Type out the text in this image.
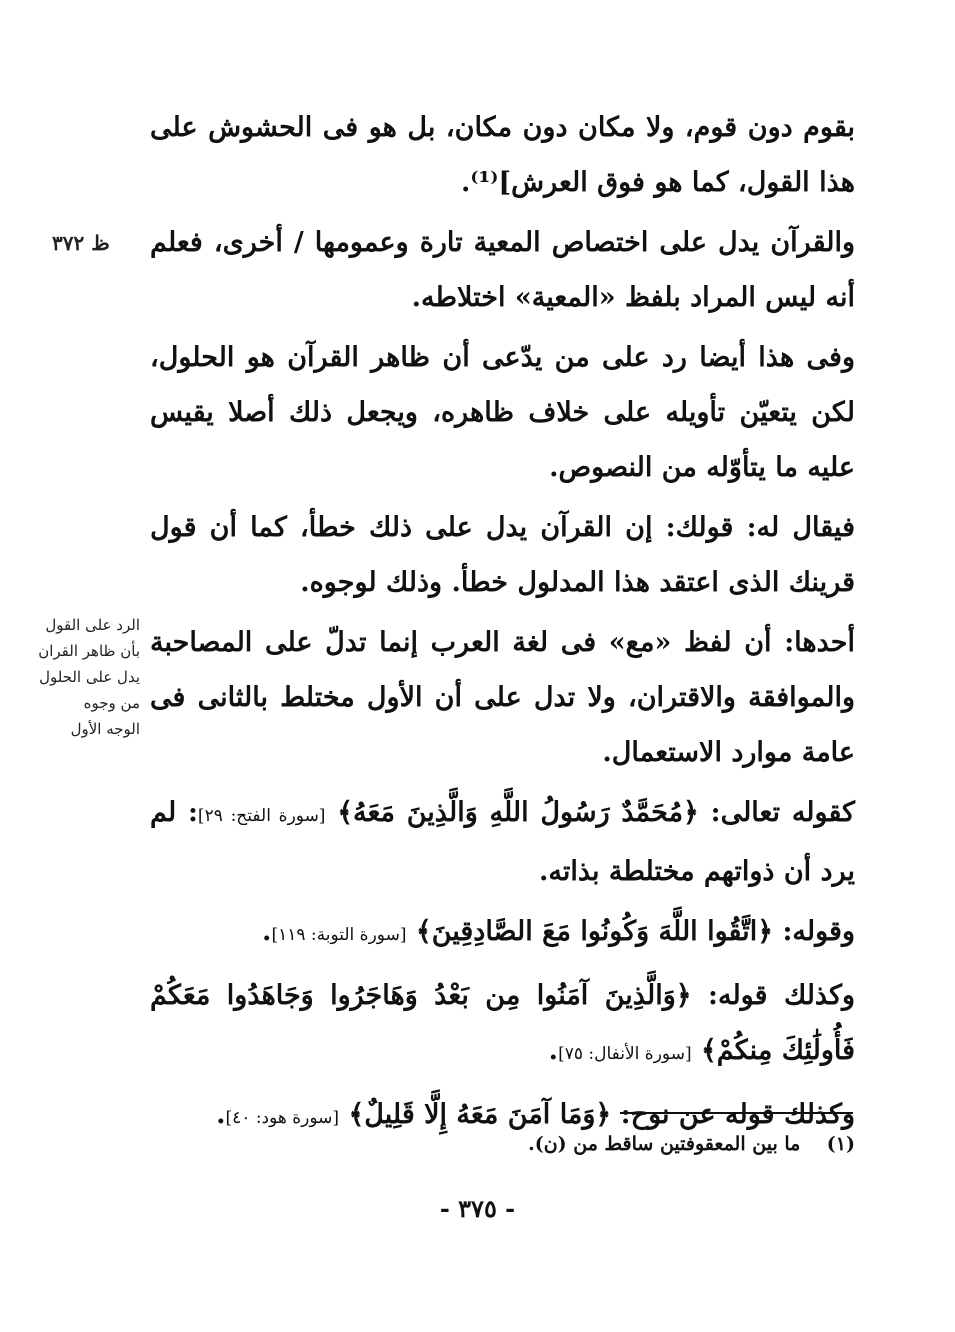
بقوم دون قوم، ولا مكان دون مكان، بل هو فى الحشوش على هذا القول، كما هو فوق العرش]⁽¹⁾.

والقرآن يدل على اختصاص المعية تارة وعمومها / أخرى، فعلم أنه ليس المراد بلفظ «المعية» اختلاطه.

وفى هذا أيضا رد على من يدّعى أن ظاهر القرآن هو الحلول، لكن يتعيّن تأويله على خلاف ظاهره، ويجعل ذلك أصلا يقيس عليه ما يتأوّله من النصوص.

فيقال له: قولك: إن القرآن يدل على ذلك خطأ، كما أن قول قرينك الذى اعتقد هذا المدلول خطأ. وذلك لوجوه.

أحدها: أن لفظ «مع» فى لغة العرب إنما تدلّ على المصاحبة والموافقة والاقتران، ولا تدل على أن الأول مختلط بالثانى فى عامة موارد الاستعمال.

كقوله تعالى: ﴿مُحَمَّدٌ رَسُولُ اللَّهِ وَالَّذِينَ مَعَهُ﴾ [سورة الفتح: ٢٩]: لم يرد أن ذواتهم مختلطة بذاته.

وقوله: ﴿اتَّقُوا اللَّهَ وَكُونُوا مَعَ الصَّادِقِينَ﴾ [سورة التوبة: ١١٩].

وكذلك قوله: ﴿وَالَّذِينَ آمَنُوا مِن بَعْدُ وَهَاجَرُوا وَجَاهَدُوا مَعَكُمْ فَأُولَٰئِكَ مِنكُمْ﴾ [سورة الأنفال: ٧٥].

وكذلك قوله عن نوح: ﴿وَمَا آمَنَ مَعَهُ إِلَّا قَلِيلٌ﴾ [سورة هود: ٤٠].

ظ ٣٧٢
الرد على القول
بأن ظاهر القران
يدل على الحلول
من وجوه
الوجه الأول
(١)    ما بين المعقوفتين ساقط من (ن).
- ٣٧٥ -
